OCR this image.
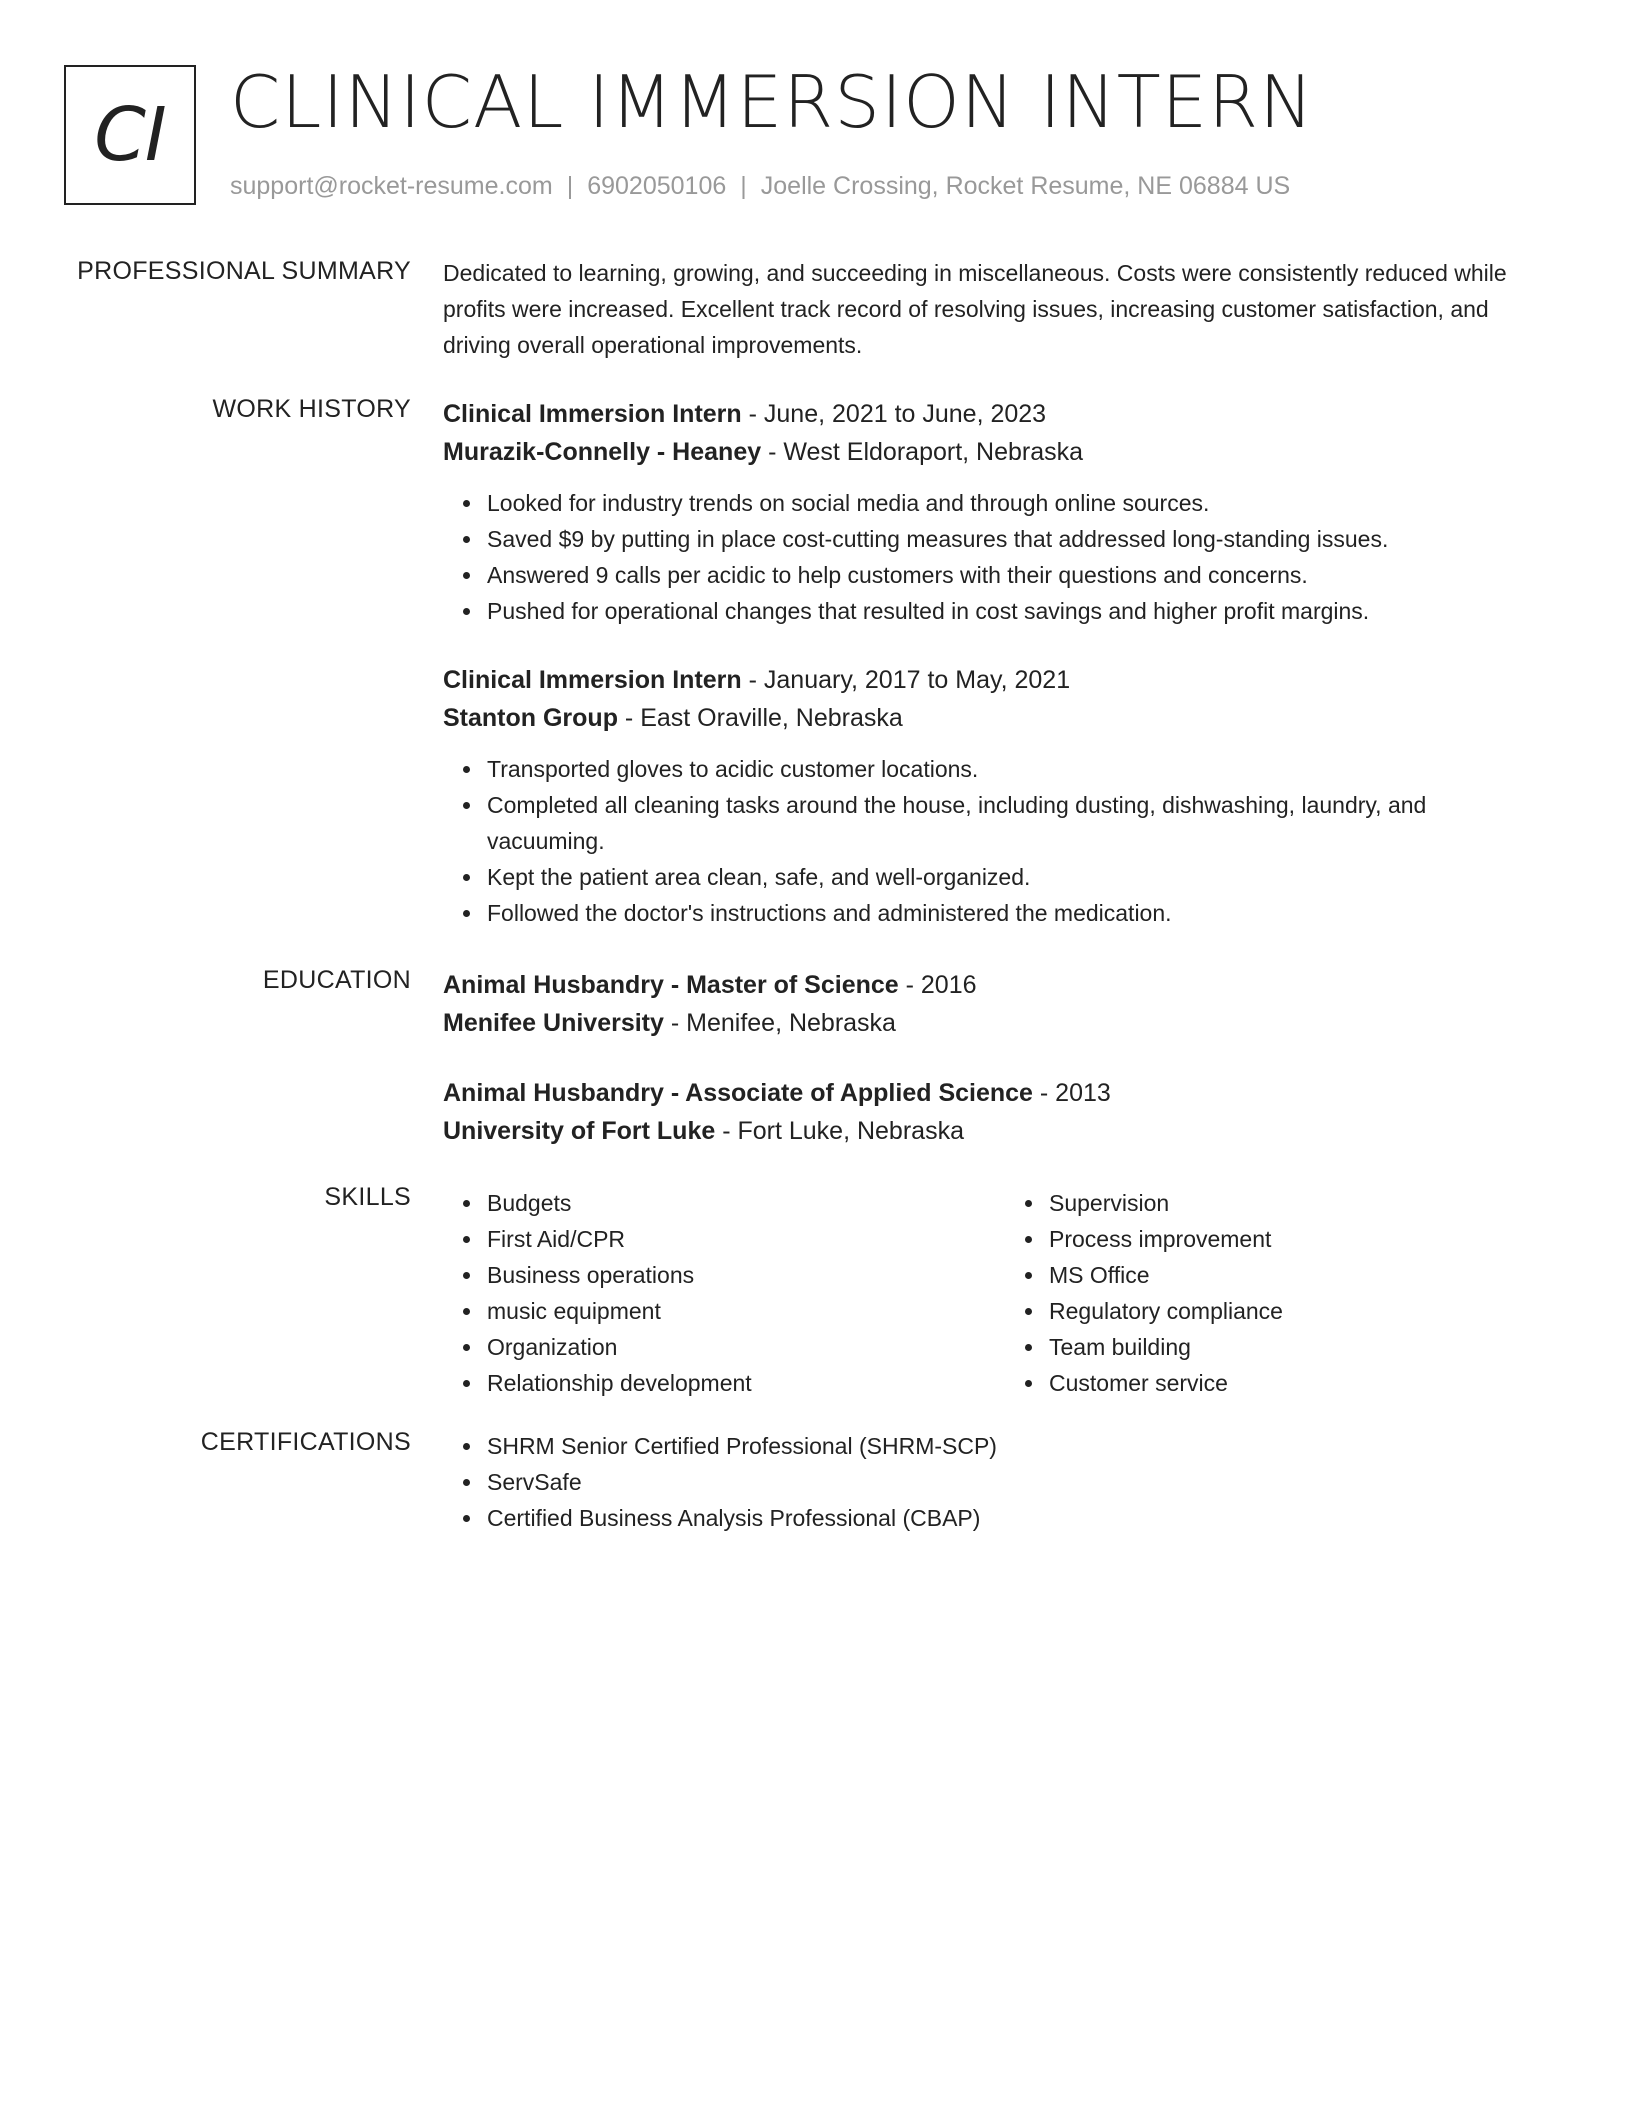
CI CLINICAL IMMERSION INTERN
support@rocket-resume.com | 6902050106 | Joelle Crossing, Rocket Resume, NE 06884 US
PROFESSIONAL SUMMARY Dedicated to learning, growing, and succeeding in miscellaneous. Costs were consistently reduced while profits were increased. Excellent track record of resolving issues, increasing customer satisfaction, and driving overall operational improvements.

WORK HISTORY Clinical Immersion Intern - June, 2021 to June, 2023
Murazik-Connelly - Heaney - West Eldoraport, Nebraska
Looked for industry trends on social media and through online sources.
Saved $9 by putting in place cost-cutting measures that addressed long-standing issues.
Answered 9 calls per acidic to help customers with their questions and concerns.
Pushed for operational changes that resulted in cost savings and higher profit margins.
Clinical Immersion Intern - January, 2017 to May, 2021
Stanton Group - East Oraville, Nebraska
Transported gloves to acidic customer locations.
Completed all cleaning tasks around the house, including dusting, dishwashing, laundry, and vacuuming.
Kept the patient area clean, safe, and well-organized.
Followed the doctor's instructions and administered the medication.
EDUCATION Animal Husbandry - Master of Science - 2016
Menifee University - Menifee, Nebraska
Animal Husbandry - Associate of Applied Science - 2013
University of Fort Luke - Fort Luke, Nebraska
SKILLS	Budgets
First Aid/CPR
Business operations
music equipment
Organization
Relationship development
Supervision
Process improvement
MS Office
Regulatory compliance
Team building
Customer service
CERTIFICATIONS	SHRM Senior Certified Professional (SHRM-SCP)
ServSafe
Certified Business Analysis Professional (CBAP)
